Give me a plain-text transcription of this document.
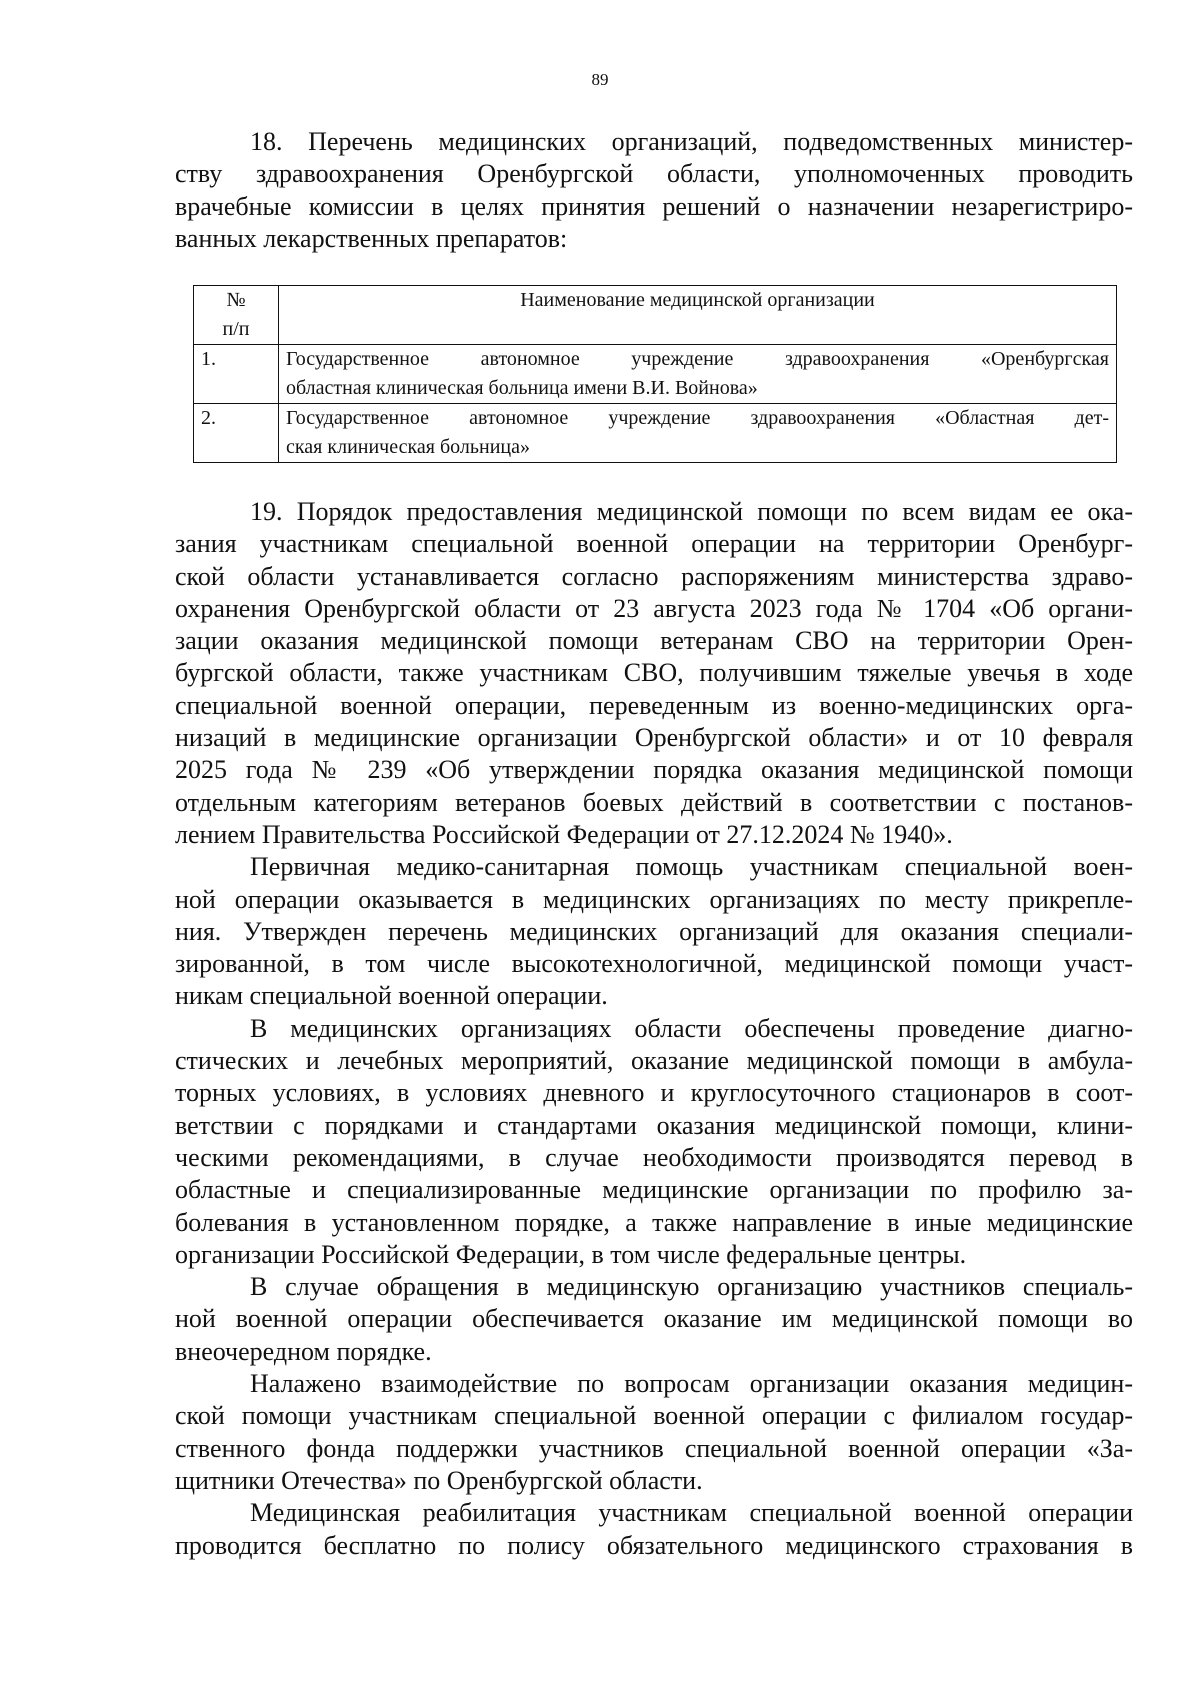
89
18. Перечень медицинских организаций, подведомственных министер-
ству здравоохранения Оренбургской области, уполномоченных проводить
врачебные комиссии в целях принятия решений о назначении незарегистриро-
ванных лекарственных препаратов:
№
п/п	Наименование медицинской организации
1.	Государственное автономное учреждение здравоохранения «Оренбургская
областная клиническая больница имени В.И. Войнова»

2.	Государственное автономное учреждение здравоохранения «Областная дет-
ская клиническая больница»
19. Порядок предоставления медицинской помощи по всем видам ее ока-
зания участникам специальной военной операции на территории Оренбург-
ской области устанавливается согласно распоряжениям министерства здраво-
охранения Оренбургской области от 23 августа 2023 года № 1704 «Об органи-
зации оказания медицинской помощи ветеранам СВО на территории Орен-
бургской области, также участникам СВО, получившим тяжелые увечья в ходе
специальной военной операции, переведенным из военно-медицинских орга-
низаций в медицинские организации Оренбургской области» и от 10 февраля
2025 года № 239 «Об утверждении порядка оказания медицинской помощи
отдельным категориям ветеранов боевых действий в соответствии с постанов-
лением Правительства Российской Федерации от 27.12.2024 № 1940».
Первичная медико-санитарная помощь участникам специальной воен-
ной операции оказывается в медицинских организациях по месту прикрепле-
ния. Утвержден перечень медицинских организаций для оказания специали-
зированной, в том числе высокотехнологичной, медицинской помощи участ-
никам специальной военной операции.
В медицинских организациях области обеспечены проведение диагно-
стических и лечебных мероприятий, оказание медицинской помощи в амбула-
торных условиях, в условиях дневного и круглосуточного стационаров в соот-
ветствии с порядками и стандартами оказания медицинской помощи, клини-
ческими рекомендациями, в случае необходимости производятся перевод в
областные и специализированные медицинские организации по профилю за-
болевания в установленном порядке, а также направление в иные медицинские
организации Российской Федерации, в том числе федеральные центры.
В случае обращения в медицинскую организацию участников специаль-
ной военной операции обеспечивается оказание им медицинской помощи во
внеочередном порядке.
Налажено взаимодействие по вопросам организации оказания медицин-
ской помощи участникам специальной военной операции с филиалом государ-
ственного фонда поддержки участников специальной военной операции «За-
щитники Отечества» по Оренбургской области.
Медицинская реабилитация участникам специальной военной операции
проводится бесплатно по полису обязательного медицинского страхования в
